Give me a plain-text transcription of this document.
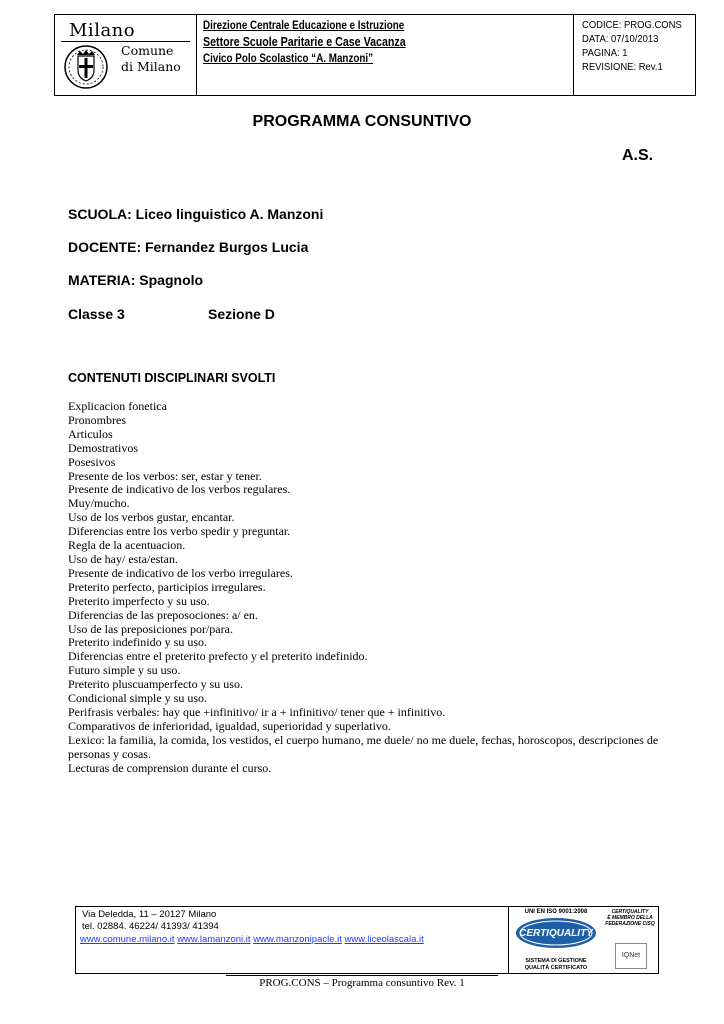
Milano
Comune
di Milano
Direzione Centrale Educazione e Istruzione
Settore Scuole Paritarie e Case Vacanza
Civico Polo Scolastico “A. Manzoni”
CODICE: PROG.CONS
DATA: 07/10/2013
PAGINA: 1
REVISIONE: Rev.1
PROGRAMMA CONSUNTIVO
A.S.
SCUOLA: Liceo linguistico A. Manzoni
DOCENTE: Fernandez Burgos Lucia
MATERIA: Spagnolo
Classe 3	Sezione D
CONTENUTI DISCIPLINARI SVOLTI
Explicacion fonetica
Pronombres
Articulos
Demostrativos
Posesivos
Presente de los verbos: ser, estar y tener.
Presente de indicativo de los verbos regulares.
Muy/mucho.
Uso de los verbos gustar, encantar.
Diferencias entre los verbo spedir y preguntar.
Regla de la acentuacion.
Uso de hay/ esta/estan.
Presente de indicativo de los verbo irregulares.
Preterito perfecto, participios irregulares.
Preterito imperfecto y su uso.
Diferencias de las preposociones: a/ en.
Uso de las preposiciones por/para.
Preterito indefinido y su uso.
Diferencias entre el preterito prefecto y el preterito indefinido.
Futuro simple y su uso.
Preterito pluscuamperfecto y su uso.
Condicional simple y su uso.
Perifrasis verbales: hay que +infinitivo/ ir a + infinitivo/ tener que + infinitivo.
Comparativos de inferioridad, igualdad, superioridad y superlativo.
Lexico: la familia, la comida, los vestidos, el cuerpo humano, me duele/ no me duele, fechas, horoscopos, descripciones de personas y cosas.
Lecturas de comprension durante el curso.
Via Deledda, 11 – 20127 Milano
tel. 02884. 46224/ 41393/ 41394
www.comune.milano.it www.lamanzoni.it www.manzonipacle.it www.liceolascala.it
UNI EN ISO 9001:2008
CERTIQUALITY
SISTEMA DI GESTIONE
QUALITÀ CERTIFICATO
CERTIQUALITY
È MEMBRO DELLA
FEDERAZIONE CISQ
IQNet
PROG.CONS – Programma consuntivo Rev. 1
